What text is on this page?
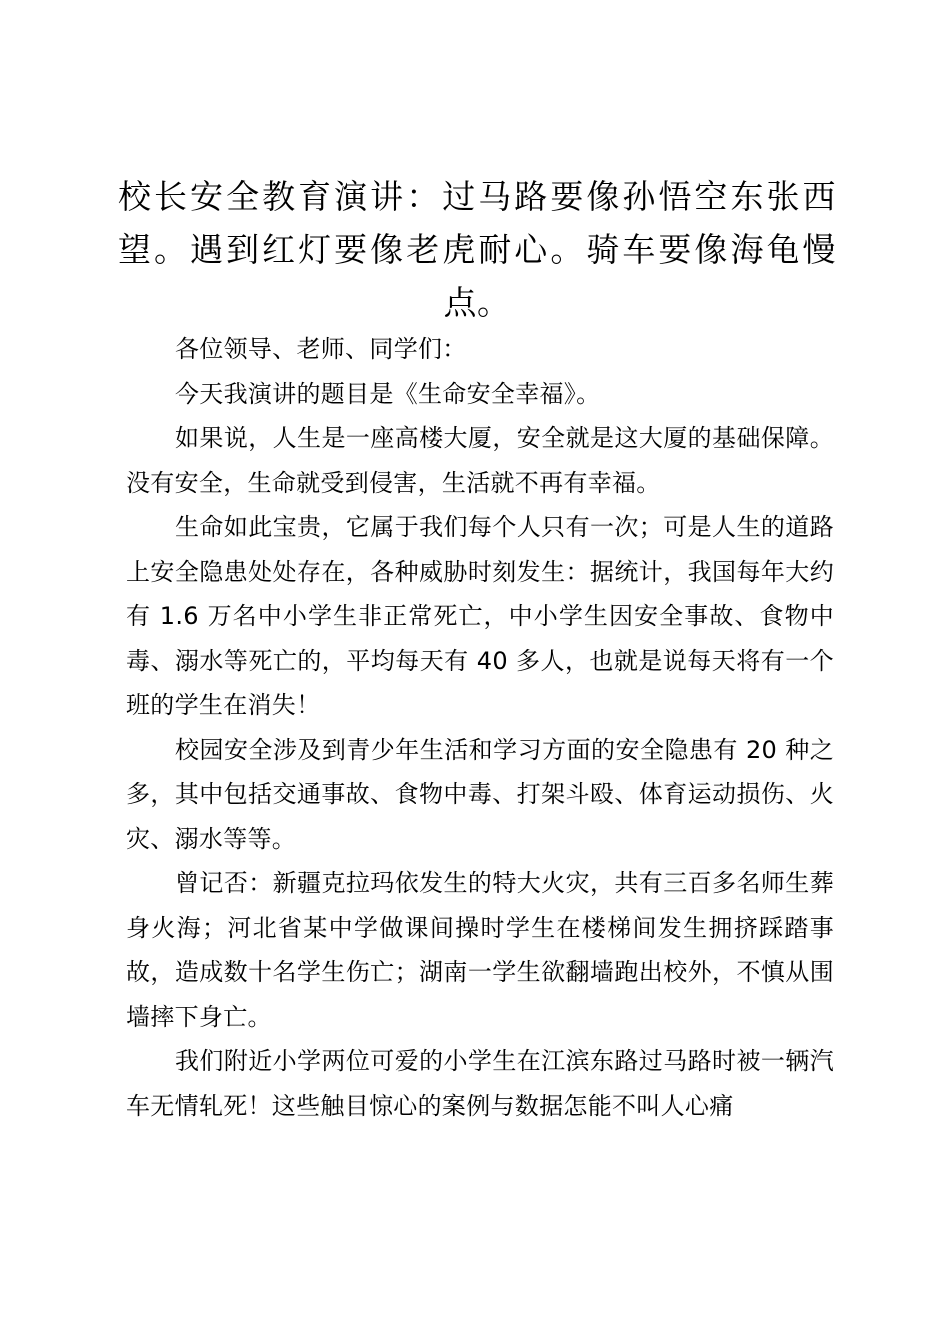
校长安全教育演讲：过马路要像孙悟空东张西望。遇到红灯要像老虎耐心。骑车要像海龟慢点。

各位领导、老师、同学们：

今天我演讲的题目是《生命安全幸福》。

如果说，人生是一座高楼大厦，安全就是这大厦的基础保障。没有安全，生命就受到侵害，生活就不再有幸福。

生命如此宝贵，它属于我们每个人只有一次；可是人生的道路上安全隐患处处存在，各种威胁时刻发生：据统计，我国每年大约有 1.6 万名中小学生非正常死亡，中小学生因安全事故、食物中毒、溺水等死亡的，平均每天有 40 多人，也就是说每天将有一个班的学生在消失！

校园安全涉及到青少年生活和学习方面的安全隐患有 20 种之多，其中包括交通事故、食物中毒、打架斗殴、体育运动损伤、火灾、溺水等等。

曾记否：新疆克拉玛依发生的特大火灾，共有三百多名师生葬身火海；河北省某中学做课间操时学生在楼梯间发生拥挤踩踏事故，造成数十名学生伤亡；湖南一学生欲翻墙跑出校外，不慎从围墙摔下身亡。

我们附近小学两位可爱的小学生在江滨东路过马路时被一辆汽车无情轧死！这些触目惊心的案例与数据怎能不叫人心痛
